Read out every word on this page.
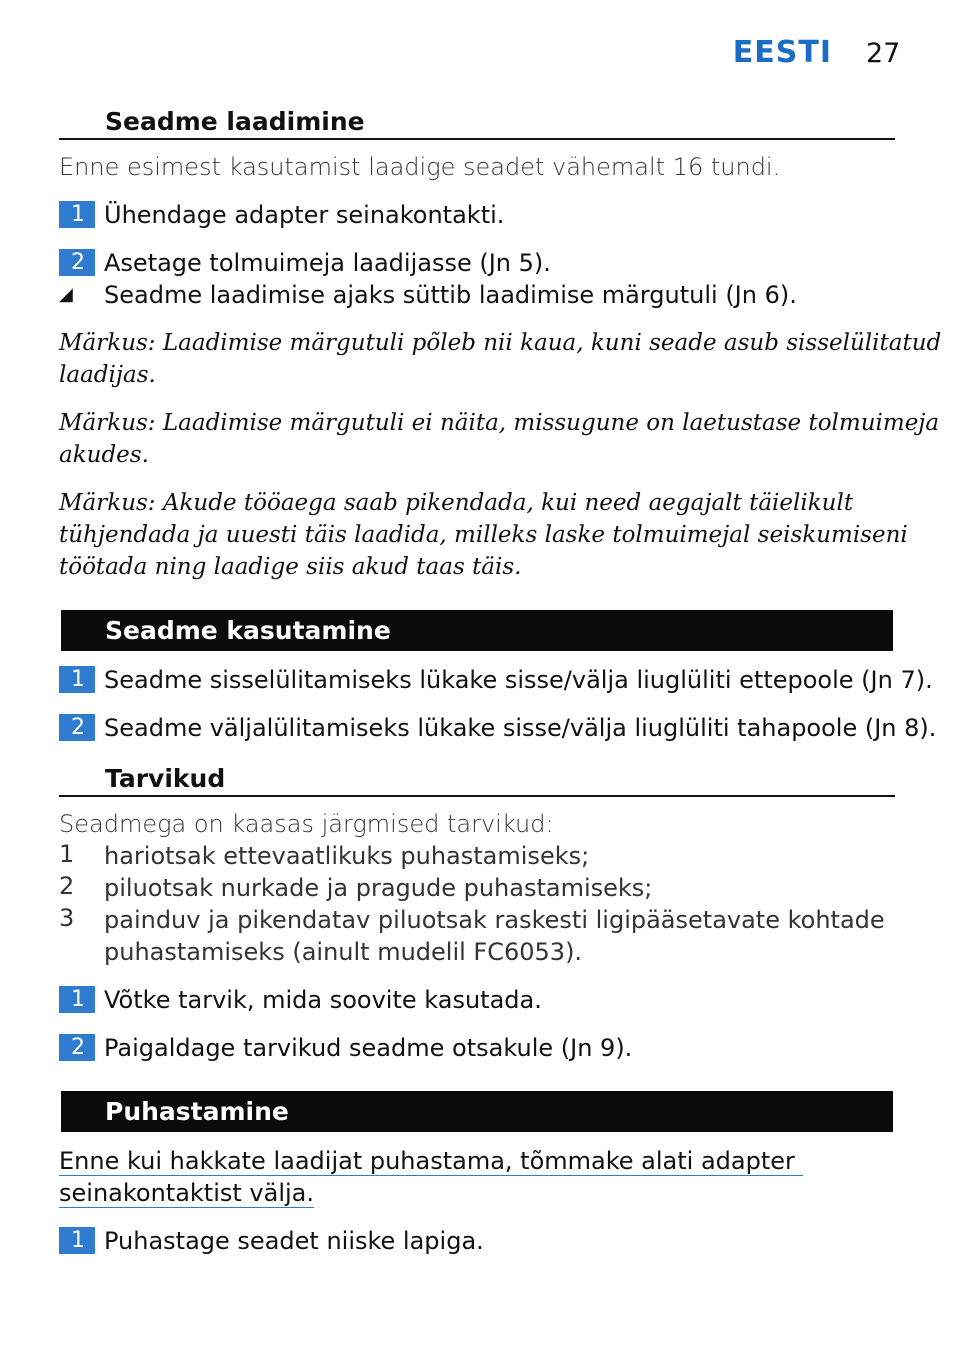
EESTI 27
Seadme laadimine
Enne esimest kasutamist laadige seadet vähemalt 16 tundi.
1 Ühendage adapter seinakontakti.
2 Asetage tolmuimeja laadijasse (Jn 5).
◢ Seadme laadimise ajaks süttib laadimise märgutuli (Jn 6).
Märkus: Laadimise märgutuli põleb nii kaua, kuni seade asub sisselülitatud
laadijas.
Märkus: Laadimise märgutuli ei näita, missugune on laetustase tolmuimeja
akudes.
Märkus: Akude tööaega saab pikendada, kui need aegajalt täielikult
tühjendada ja uuesti täis laadida, milleks laske tolmuimejal seiskumiseni
töötada ning laadige siis akud taas täis.
Seadme kasutamine
1 Seadme sisselülitamiseks lükake sisse/välja liuglüliti ettepoole (Jn 7).
2 Seadme väljalülitamiseks lükake sisse/välja liuglüliti tahapoole (Jn 8).
Tarvikud
Seadmega on kaasas järgmised tarvikud:
1 hariotsak ettevaatlikuks puhastamiseks;
2 piluotsak nurkade ja pragude puhastamiseks;
3 painduv ja pikendatav piluotsak raskesti ligipääsetavate kohtade
puhastamiseks (ainult mudelil FC6053).
1 Võtke tarvik, mida soovite kasutada.
2 Paigaldage tarvikud seadme otsakule (Jn 9).
Puhastamine
Enne kui hakkate laadijat puhastama, tõmmake alati adapter
seinakontaktist välja.
1 Puhastage seadet niiske lapiga.
